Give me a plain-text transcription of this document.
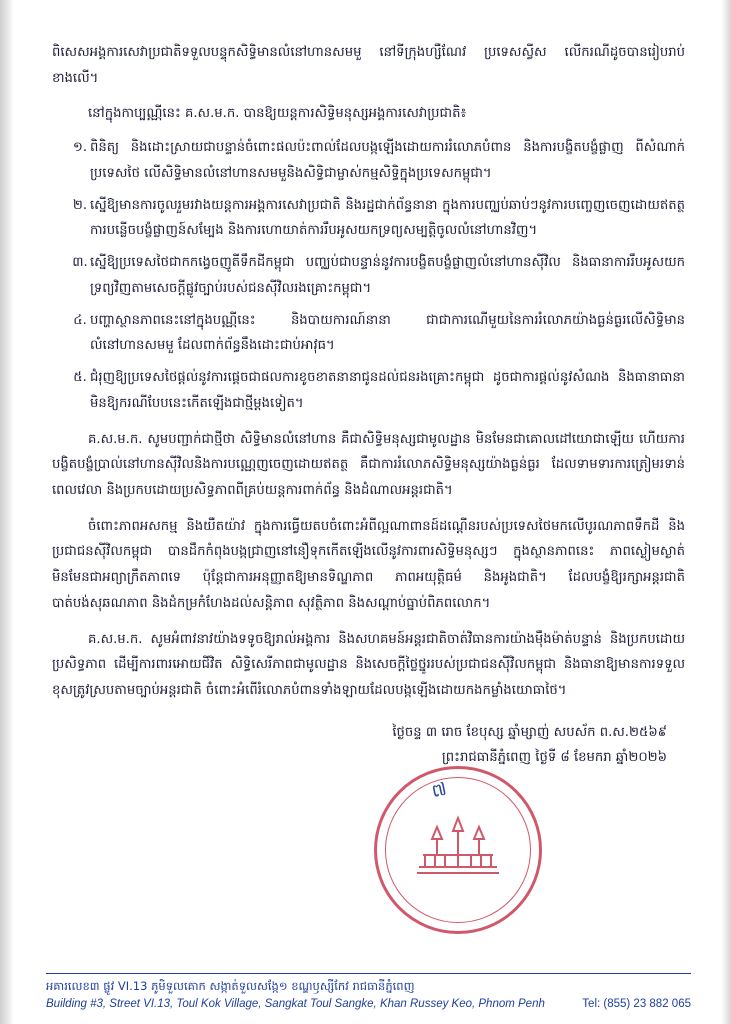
ពិសេសអង្គការសេវាប្រជាតិទទួលបន្ទុកសិទ្ធិមានលំនៅហានសមមួ នៅទីក្រុងហ្សឺណែវ ប្រទេសស្វីស លើករណីដូចបានរៀបរាប់ខាងលើ។

នៅក្នុងកាប្បណ្ណីនេះ គ.ស.ម.ក. បានឱ្យយន្តការសិទ្ធិមនុស្សអង្គការសេវាប្រជាតិ៖

១. ពិនិត្យ និងដោះស្រាយជាបន្ទាន់ចំពោះផលប៉ះពាល់ដែលបង្កឡើងដោយការរំលោភបំពាន និងការបង្ខិតបង្ខំផ្លាញ ពីសំណាក់ប្រទេសថៃ លើសិទ្ធិមានលំនៅហានសមមួនិងសិទ្ធិជាម្ចាស់កម្មសិទ្ធិក្នុងប្រទេសកម្ពុជា។
២. ស្នើឱ្យមានការចូលរួមរវាងយន្តការអង្គការសេវាប្រជាតិ និងរដ្ឋជាក់ព័ន្ធនានា ក្នុងការបញ្ឈប់ឆាប់ៗនូវការបញ្ចេញចេញដោយឥតត្ថ ការបន្លើចបង្ខំផ្លាញន៍សម្បែង និងការហោយាត់ការរឹបអូសយកទ្រព្យសម្បត្តិចូលលំនៅហានវិញ។
៣. ស្នើឱ្យប្រទេសថៃជាកកង្វេចញូតីទឹកដីកម្ពុជា បញ្ឈប់ជាបន្ទាន់នូវការបង្ខិតបង្ខំផ្លាញលំនៅហានសុីវិល និងធានាការរឹបអូសយកទ្រព្យវិញតាមសេចក្តីផ្លូវច្បាប់របស់ជនសុីវិលរងគ្រោះកម្ពុជា។
៤. បញ្ហាស្ថានភាពនេះនៅក្នុងបណ្ណីនេះ និងបាយការណ៍នានា ជាជាការណើមួយនៃការរំលោភយ៉ាងធ្ងន់ធ្ងរលើសិទ្ធិមានលំនៅហានសមមួ ដែលពាក់ព័ន្ធនឹងដោះជាប់អាវុធ។
៥. ជំរុញឱ្យប្រទេសថៃផ្តល់នូវការផ្តេចជាផលការខូចខាតនានាជូនដល់ជនរងគ្រោះកម្ពុជា ដូចជាការផ្តល់នូវសំណង និងធានាធានាមិនឱ្យករណីបែបនេះកើតឡើងជាថ្មីម្តងទៀត។

គ.ស.ម.ក. សូមបញ្ជាក់ជាថ្មីថា សិទ្ធិមានលំនៅហាន គឺជាសិទ្ធិមនុស្សជាមូលដ្ឋាន មិនមែនជាគោលដៅយោជាឡើយ ហើយការបង្ខិតបង្ខំប្រាល់នៅហានសុីវិលនិងការបណ្ណេញចេញដោយឥតត្ថ គឺជាការរំលោភសិទ្ធិមនុស្សយ៉ាងធ្ងន់ធ្ងរ ដែលទាមទារការត្រៀមរទាន់ពេលវេលា និងប្រកបដោយប្រសិទ្ធភាពពីគ្រប់យន្តការពាក់ព័ន្ធ និងដំណាលអន្តរជាតិ។

ចំពោះភាពអសកម្ម និងយឺតយ៉ាវ ក្នុងការធ្វើយតបចំពោះអំពីល្អណាពានដ៍ដណ្តើនរបស់ប្រទេសថៃមកលើបូរណភាពទឹកដី និងប្រជាជនសុីវិលកម្ពុជា បានដឹកកំពុងបង្កជ្រាញនៅនឿទុកកើតឡើងលើនូវការពារសិទ្ធិមនុស្សៗ ក្នុងស្ថានភាពនេះ ភាពស្ងៀមស្ងាត់ មិនមែនជាអព្យាក្រឹតភាពទេ ប៉ុន្តែជាការអនុញ្ញាតឱ្យមានទិណ្ឌភាព ភាពអយុត្តិធម៌ និងអូងជាតិ។ ដែលបង្ខំឱ្យរក្សាអន្តរជាតិបាត់បង់សុឆណភាព និងដំកម្រកំហែងដល់សន្តិភាព សុវត្ថិភាព និងសណ្តាប់ធ្នាប់ពិភពលោក។

គ.ស.ម.ក. សូមអំពាវនាវយ៉ាងទទូចឱ្យរាល់អង្គការ និងសហគមន៍អន្តរជាតិចាត់វិធានការយ៉ាងម៉ឹងម៉ាត់បន្ទាន់ និងប្រកបដោយប្រសិទ្ធភាព ដើម្បីការពារអោយជីវិត សិទ្ធិសេរីភាពជាមូលដ្ឋាន និងសេចក្តីថ្លៃថ្នូររបស់ប្រជាជនសុីវិលកម្ពុជា និងធានាឱ្យមានការទទួលខុសត្រូវស្របតាមច្បាប់អន្តរជាតិ ចំពោះអំពើរំលោភបំពានទាំងឡាយដែលបង្កឡើងដោយកងកម្លាំងយោធាថៃ។

ថ្ងៃចន្ទ ៣ រោច ខែបុស្ស ឆ្នាំម្សាញ់ សបស័ក ព.ស.២៥៦៩
ព្រះរាជធានីភ្នំពេញ ថ្ងៃទី ៨ ខែមករា ឆ្នាំ២០២៦
៧
អគារលេខ៣ ផ្លូវ VI.13 ភូមិទួលគោក សង្កាត់ទួលសង្កែ១ ខណ្ឌឫស្សីកែវ រាជធានីភ្នំពេញ
Building #3, Street VI.13, Toul Kok Village, Sangkat Toul Sangke, Khan Russey Keo, Phnom Penh	Tel: (855) 23 882 065
